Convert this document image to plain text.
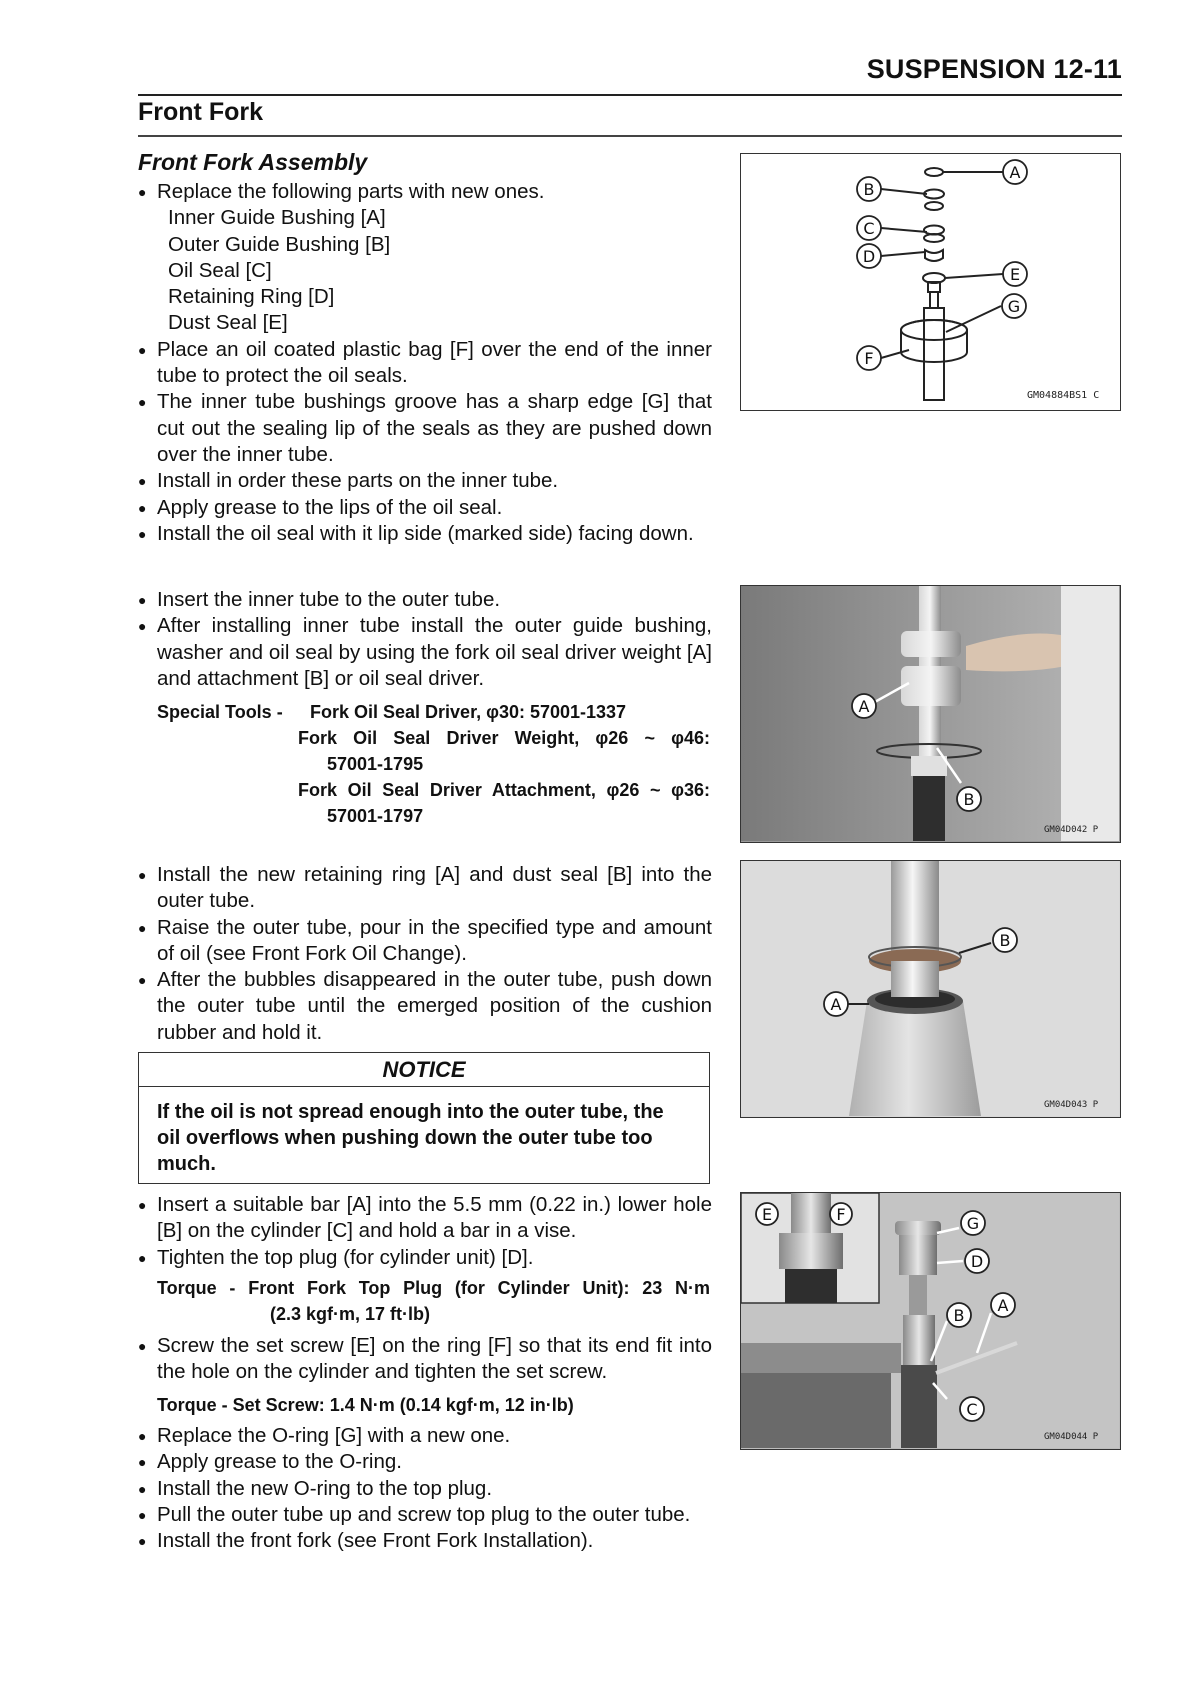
SUSPENSION 12-11
Front Fork
Front Fork Assembly
● Replace the following parts with new ones.
Inner Guide Bushing [A]
Outer Guide Bushing [B]
Oil Seal [C]
Retaining Ring [D]
Dust Seal [E]
● Place an oil coated plastic bag [F] over the end of the inner tube to protect the oil seals.
● The inner tube bushings groove has a sharp edge [G] that cut out the sealing lip of the seals as they are pushed down over the inner tube.
● Install in order these parts on the inner tube.
● Apply grease to the lips of the oil seal.
● Install the oil seal with it lip side (marked side) facing down.
● Insert the inner tube to the outer tube.
● After installing inner tube install the outer guide bushing, washer and oil seal by using the fork oil seal driver weight [A] and attachment [B] or oil seal driver.
Special Tools - Fork Oil Seal Driver, φ30: 57001-1337
Fork Oil Seal Driver Weight, φ26 ~ φ46:
57001-1795
Fork Oil Seal Driver Attachment, φ26 ~ φ36:
57001-1797
● Install the new retaining ring [A] and dust seal [B] into the outer tube.
● Raise the outer tube, pour in the specified type and amount of oil (see Front Fork Oil Change).
● After the bubbles disappeared in the outer tube, push down the outer tube until the emerged position of the cushion rubber and hold it.
NOTICE
If the oil is not spread enough into the outer tube, the oil overflows when pushing down the outer tube too much.
● Insert a suitable bar [A] into the 5.5 mm (0.22 in.) lower hole [B] on the cylinder [C] and hold a bar in a vise.
● Tighten the top plug (for cylinder unit) [D].
Torque - Front Fork Top Plug (for Cylinder Unit): 23 N·m
(2.3 kgf·m, 17 ft·lb)
● Screw the set screw [E] on the ring [F] so that its end fit into the hole on the cylinder and tighten the set screw.
Torque - Set Screw: 1.4 N·m (0.14 kgf·m, 12 in·lb)
● Replace the O-ring [G] with a new one.
● Apply grease to the O-ring.
● Install the new O-ring to the top plug.
● Pull the outer tube up and screw top plug to the outer tube.
● Install the front fork (see Front Fork Installation).
A
B
C
D
E
G
F
GM04884BS1 C
A
B
GM04D042 P
B
A
GM04D043 P
E	F	G
D
B
A
C
GM04D044 P
